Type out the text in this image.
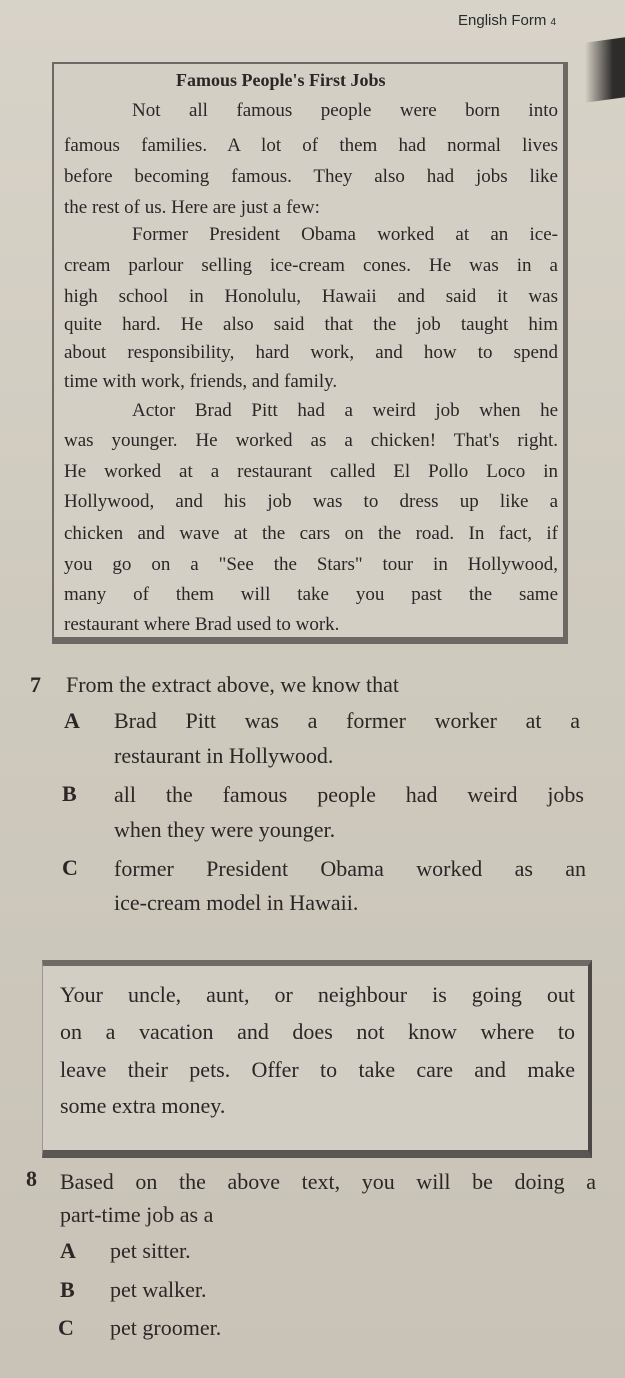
English Form 4
Famous People's First Jobs
Not all famous people were born into
famous families. A lot of them had normal lives
before becoming famous. They also had jobs like
the rest of us. Here are just a few:
Former President Obama worked at an ice-
cream parlour selling ice-cream cones. He was in a
high school in Honolulu, Hawaii and said it was
quite hard. He also said that the job taught him
about responsibility, hard work, and how to spend
time with work, friends, and family.
Actor Brad Pitt had a weird job when he
was younger. He worked as a chicken! That's right.
He worked at a restaurant called El Pollo Loco in
Hollywood, and his job was to dress up like a
chicken and wave at the cars on the road. In fact, if
you go on a "See the Stars" tour in Hollywood,
many of them will take you past the same
restaurant where Brad used to work.
7 From the extract above, we know that
A Brad Pitt was a former worker at a
restaurant in Hollywood.
B all the famous people had weird jobs
when they were younger.
C former President Obama worked as an
ice-cream model in Hawaii.
Your uncle, aunt, or neighbour is going out
on a vacation and does not know where to
leave their pets. Offer to take care and make
some extra money.
8 Based on the above text, you will be doing a
part-time job as a
A pet sitter.
B pet walker.
C pet groomer.
